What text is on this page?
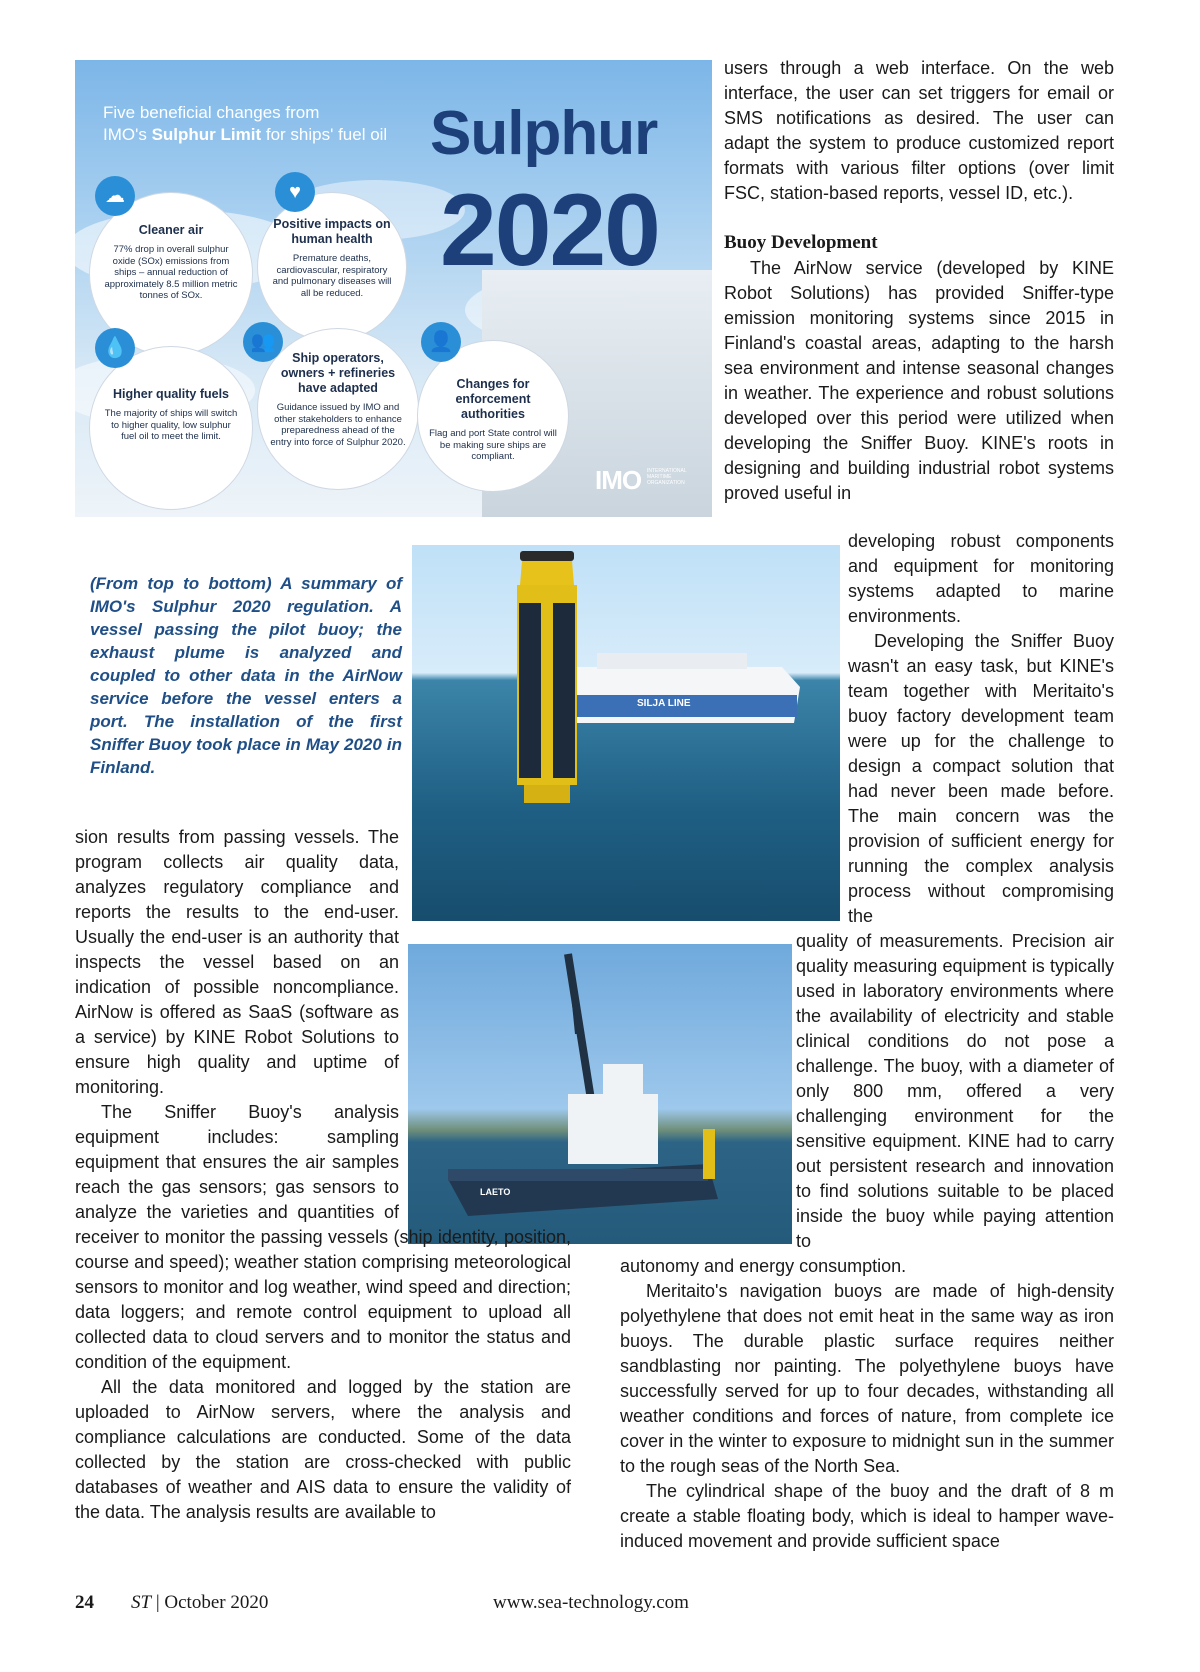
Five beneficial changes from
IMO's Sulphur Limit for ships' fuel oil Sulphur
2020
Cleaner air
77% drop in overall sulphur oxide (SOx) emissions from ships – annual reduction of approximately 8.5 million metric tonnes of SOx.
☁
Positive impacts on human health
Premature deaths, cardiovascular, respiratory and pulmonary diseases will all be reduced.
♥
Higher quality fuels
The majority of ships will switch to higher quality, low sulphur fuel oil to meet the limit.
💧	Ship operators, owners + refineries have adapted
Guidance issued by IMO and other stakeholders to enhance preparedness ahead of the entry into force of Sulphur 2020.
👥
Changes for enforcement authorities
Flag and port State control will be making sure ships are compliant.
👤
IMO INTERNATIONAL MARITIME ORGANIZATION
SILJA LINE
LAETO
(From top to bottom) A summary of IMO's Sulphur 2020 regulation. A vessel passing the pilot buoy; the exhaust plume is analyzed and coupled to other data in the AirNow service before the vessel enters a port. The installation of the first Sniffer Buoy took place in May 2020 in Finland.

sion results from passing vessels. The program collects air quality data, analyzes regulatory compliance and reports the results to the end-user. Usually the end-user is an authority that inspects the vessel based on an indication of possible noncompliance. AirNow is offered as SaaS (software as a service) by KINE Robot Solutions to ensure high quality and uptime of monitoring.

The Sniffer Buoy's analysis equipment includes: sampling equipment that ensures the air samples reach the gas sensors; gas sensors to analyze the varieties and quantities of

receiver to monitor the passing vessels (ship identity, position, course and speed); weather station comprising meteorological sensors to monitor and log weather, wind speed and direction; data loggers; and remote control equipment to upload all collected data to cloud servers and to monitor the status and condition of the equipment.

All the data monitored and logged by the station are uploaded to AirNow servers, where the analysis and compliance calculations are conducted. Some of the data collected by the station are cross-checked with public databases of weather and AIS data to ensure the validity of the data. The analysis results are available to

users through a web interface. On the web interface, the user can set triggers for email or SMS notifications as desired. The user can adapt the system to produce customized report formats with various filter options (over limit FSC, station-based reports, vessel ID, etc.).

Buoy Development

The AirNow service (developed by KINE Robot Solutions) has provided Sniffer-type emission monitoring systems since 2015 in Finland's coastal areas, adapting to the harsh sea environment and intense seasonal changes in weather. The experience and robust solutions developed over this period were utilized when developing the Sniffer Buoy. KINE's roots in designing and building industrial robot systems proved useful in

developing robust components and equipment for monitoring systems adapted to marine environments.

Developing the Sniffer Buoy wasn't an easy task, but KINE's team together with Meritaito's buoy factory development team were up for the challenge to design a compact solution that had never been made before. The main concern was the provision of sufficient energy for running the complex analysis process without compromising the

quality of measurements. Precision air quality measuring equipment is typically used in laboratory environments where the availability of electricity and stable clinical conditions do not pose a challenge. The buoy, with a diameter of only 800 mm, offered a very challenging environment for the sensitive equipment. KINE had to carry out persistent research and innovation to find solutions suitable to be placed inside the buoy while paying attention to

autonomy and energy consumption.

Meritaito's navigation buoys are made of high-density polyethylene that does not emit heat in the same way as iron buoys. The durable plastic surface requires neither sandblasting nor painting. The polyethylene buoys have successfully served for up to four decades, withstanding all weather conditions and forces of nature, from complete ice cover in the winter to exposure to midnight sun in the summer to the rough seas of the North Sea.

The cylindrical shape of the buoy and the draft of 8 m create a stable floating body, which is ideal to hamper wave-induced movement and provide sufficient space

24 ST | October 2020	www.sea-technology.com
